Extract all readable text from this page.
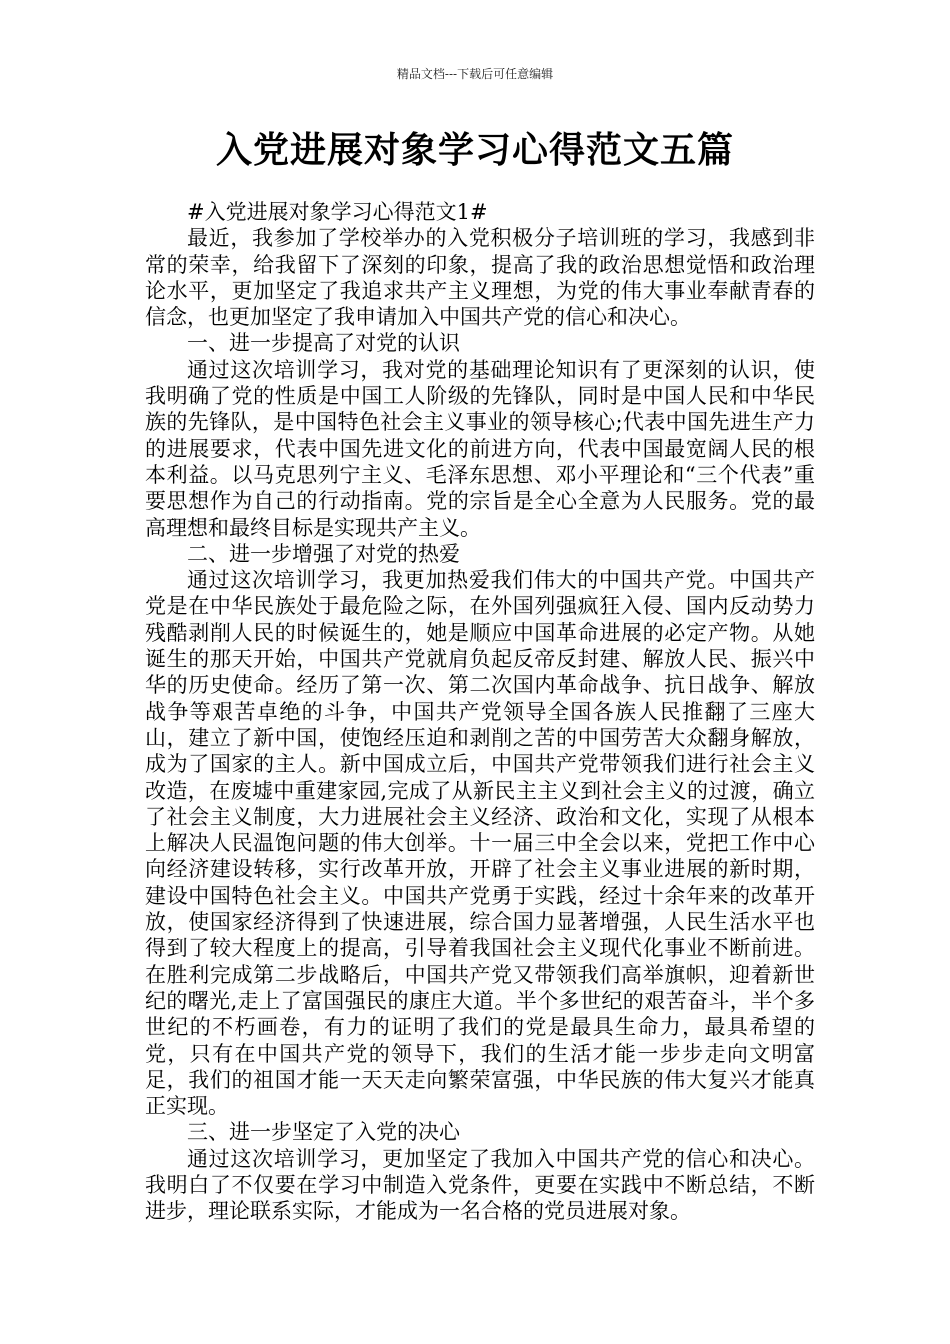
精品文档---下载后可任意编辑
入党进展对象学习心得范文五篇

#入党进展对象学习心得范文1#

最近，我参加了学校举办的入党积极分子培训班的学习，我感到非常的荣幸，给我留下了深刻的印象，提高了我的政治思想觉悟和政治理论水平，更加坚定了我追求共产主义理想，为党的伟大事业奉献青春的信念，也更加坚定了我申请加入中国共产党的信心和决心。

一、进一步提高了对党的认识

通过这次培训学习，我对党的基础理论知识有了更深刻的认识，使我明确了党的性质是中国工人阶级的先锋队，同时是中国人民和中华民族的先锋队，是中国特色社会主义事业的领导核心;代表中国先进生产力的进展要求，代表中国先进文化的前进方向，代表中国最宽阔人民的根本利益。以马克思列宁主义、毛泽东思想、邓小平理论和“三个代表”重要思想作为自己的行动指南。党的宗旨是全心全意为人民服务。党的最高理想和最终目标是实现共产主义。

二、进一步增强了对党的热爱

通过这次培训学习，我更加热爱我们伟大的中国共产党。中国共产党是在中华民族处于最危险之际，在外国列强疯狂入侵、国内反动势力残酷剥削人民的时候诞生的，她是顺应中国革命进展的必定产物。从她诞生的那天开始，中国共产党就肩负起反帝反封建、解放人民、振兴中华的历史使命。经历了第一次、第二次国内革命战争、抗日战争、解放战争等艰苦卓绝的斗争，中国共产党领导全国各族人民推翻了三座大山，建立了新中国，使饱经压迫和剥削之苦的中国劳苦大众翻身解放，成为了国家的主人。新中国成立后，中国共产党带领我们进行社会主义改造，在废墟中重建家园,完成了从新民主主义到社会主义的过渡，确立了社会主义制度，大力进展社会主义经济、政治和文化，实现了从根本上解决人民温饱问题的伟大创举。十一届三中全会以来，党把工作中心向经济建设转移，实行改革开放，开辟了社会主义事业进展的新时期，建设中国特色社会主义。中国共产党勇于实践，经过十余年来的改革开放，使国家经济得到了快速进展，综合国力显著增强，人民生活水平也得到了较大程度上的提高，引导着我国社会主义现代化事业不断前进。在胜利完成第二步战略后，中国共产党又带领我们高举旗帜，迎着新世纪的曙光,走上了富国强民的康庄大道。半个多世纪的艰苦奋斗，半个多世纪的不朽画卷，有力的证明了我们的党是最具生命力，最具希望的党，只有在中国共产党的领导下，我们的生活才能一步步走向文明富足，我们的祖国才能一天天走向繁荣富强，中华民族的伟大复兴才能真正实现。

三、进一步坚定了入党的决心

通过这次培训学习，更加坚定了我加入中国共产党的信心和决心。我明白了不仅要在学习中制造入党条件，更要在实践中不断总结，不断进步，理论联系实际，才能成为一名合格的党员进展对象。
